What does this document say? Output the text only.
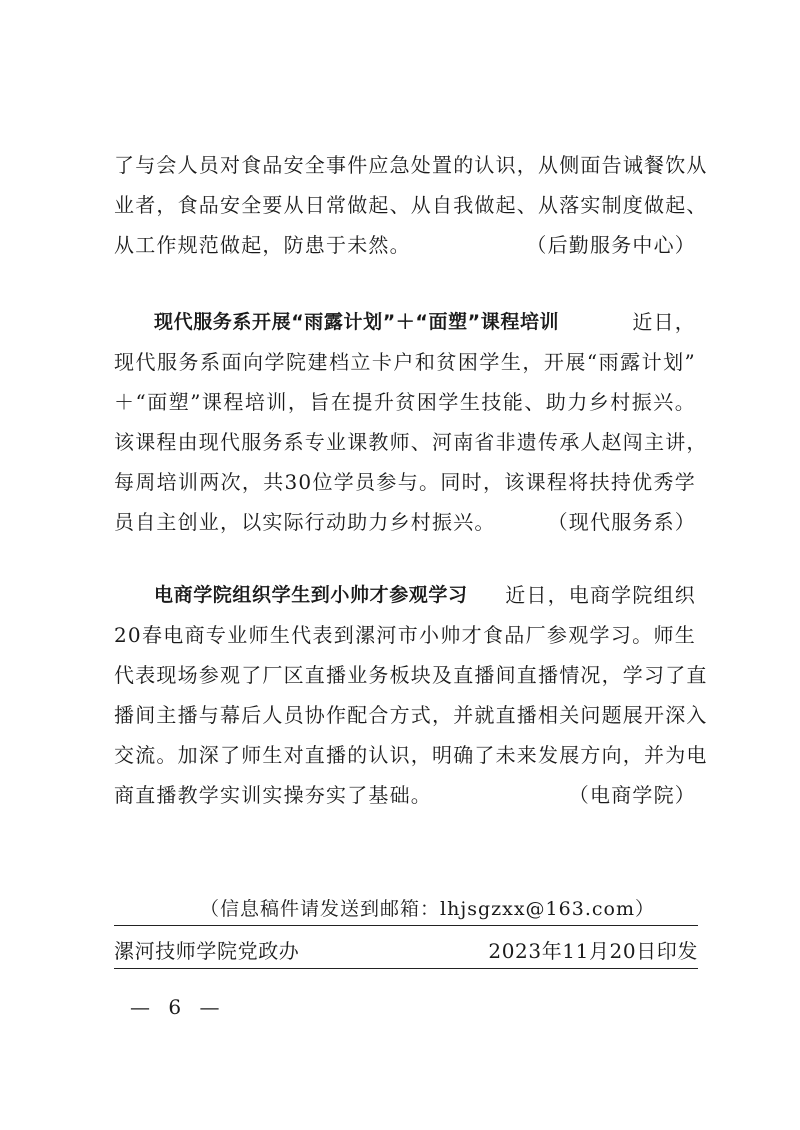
了与会人员对食品安全事件应急处置的认识，从侧面告诫餐饮从
业者，食品安全要从日常做起、从自我做起、从落实制度做起、
从工作规范做起，防患于未然。	（后勤服务中心）
现代服务系开展“雨露计划”＋“面塑”课程培训	近日，
现代服务系面向学院建档立卡户和贫困学生，开展“雨露计划”
＋“面塑”课程培训，旨在提升贫困学生技能、助力乡村振兴。
该课程由现代服务系专业课教师、河南省非遗传承人赵闯主讲，
每周培训两次，共30位学员参与。同时，该课程将扶持优秀学
员自主创业，以实际行动助力乡村振兴。	（现代服务系）
电商学院组织学生到小帅才参观学习 近日，电商学院组织
20春电商专业师生代表到漯河市小帅才食品厂参观学习。师生
代表现场参观了厂区直播业务板块及直播间直播情况，学习了直
播间主播与幕后人员协作配合方式，并就直播相关问题展开深入
交流。加深了师生对直播的认识，明确了未来发展方向，并为电
商直播教学实训实操夯实了基础。	（电商学院）
（信息稿件请发送到邮箱：lhjsgzxx@163.com）
漯河技师学院党政办	2023年11月20日印发
— 6 —
